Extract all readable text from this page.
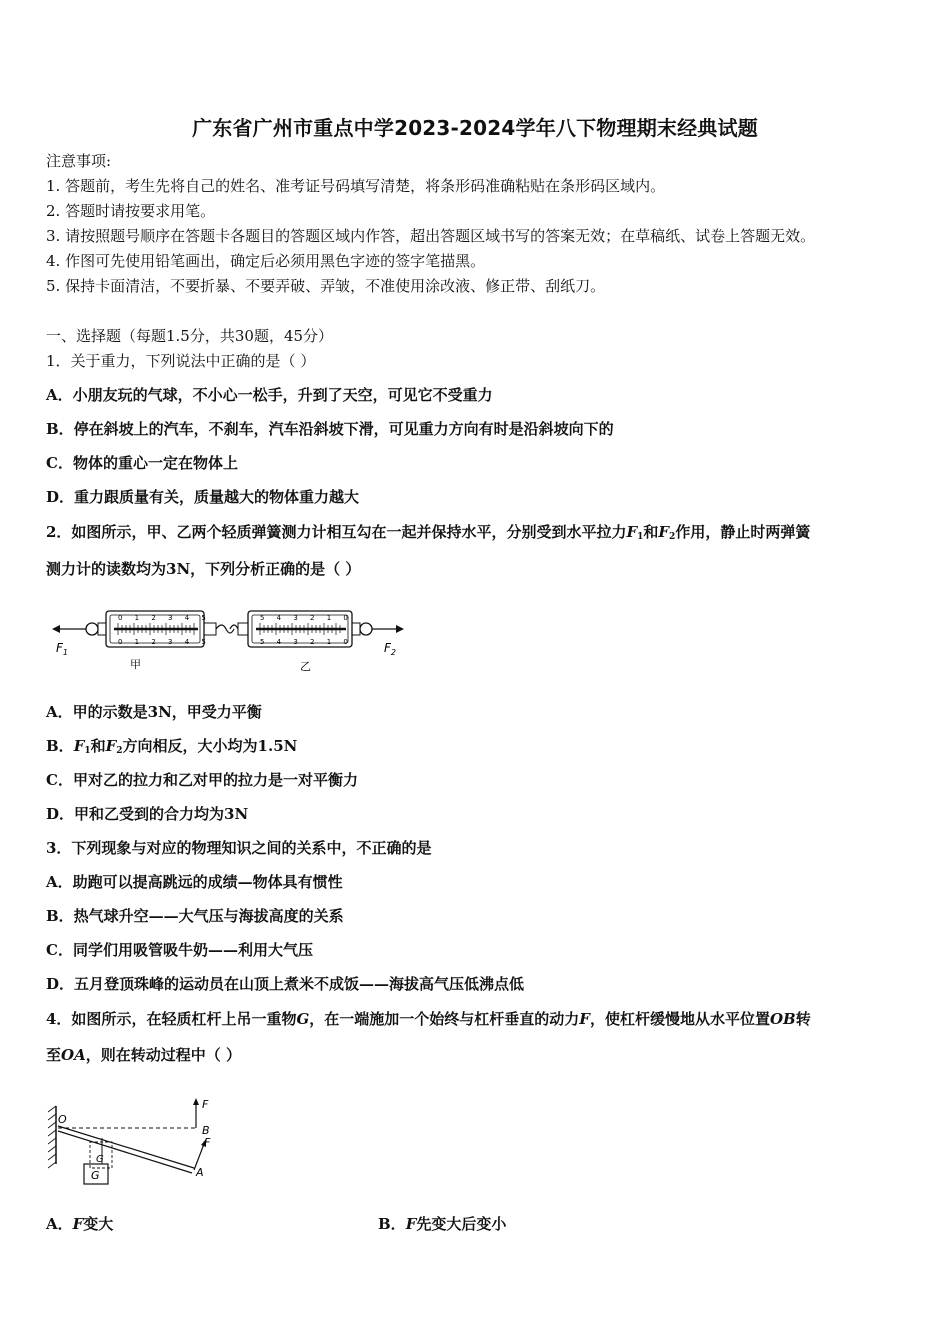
广东省广州市重点中学2023-2024学年八下物理期末经典试题
注意事项:
1. 答题前，考生先将自己的姓名、准考证号码填写清楚，将条形码准确粘贴在条形码区域内。
2. 答题时请按要求用笔。
3. 请按照题号顺序在答题卡各题目的答题区域内作答，超出答题区域书写的答案无效；在草稿纸、试卷上答题无效。
4. 作图可先使用铅笔画出，确定后必须用黑色字迹的签字笔描黑。
5. 保持卡面清洁，不要折暴、不要弄破、弄皱，不准使用涂改液、修正带、刮纸刀。
一、选择题（每题1.5分，共30题，45分）
1．关于重力，下列说法中正确的是（ ）
A．小朋友玩的气球，不小心一松手，升到了天空，可见它不受重力
B．停在斜坡上的汽车，不刹车，汽车沿斜坡下滑，可见重力方向有时是沿斜坡向下的
C．物体的重心一定在物体上
D．重力跟质量有关，质量越大的物体重力越大
2．如图所示，甲、乙两个轻质弹簧测力计相互勾在一起并保持水平，分别受到水平拉力$F_1$和$F_2$作用，静止时两弹簧
测力计的读数均为3N，下列分析正确的是（ ）
0 1 2 3 4 5
0 1 2 3 4 5
5 4 3 2 1 0
5 4 3 2 1 0
$F_1$
甲	乙
$F_2$
A．甲的示数是3N，甲受力平衡
B．$F_1$和$F_2$方向相反，大小均为1.5N
C．甲对乙的拉力和乙对甲的拉力是一对平衡力
D．甲和乙受到的合力均为3N
3．下列现象与对应的物理知识之间的关系中，不正确的是
A．助跑可以提高跳远的成绩—物体具有惯性
B．热气球升空——大气压与海拔高度的关系
C．同学们用吸管吸牛奶——利用大气压
D．五月登顶珠峰的运动员在山顶上煮米不成饭——海拔高气压低沸点低
4．如图所示，在轻质杠杆上吊一重物G，在一端施加一个始终与杠杆垂直的动力F，使杠杆缓慢地从水平位置OB转
至OA，则在转动过程中（ ）
O
B
A
F
F
G
G
A．F变大	B．F先变大后变小
